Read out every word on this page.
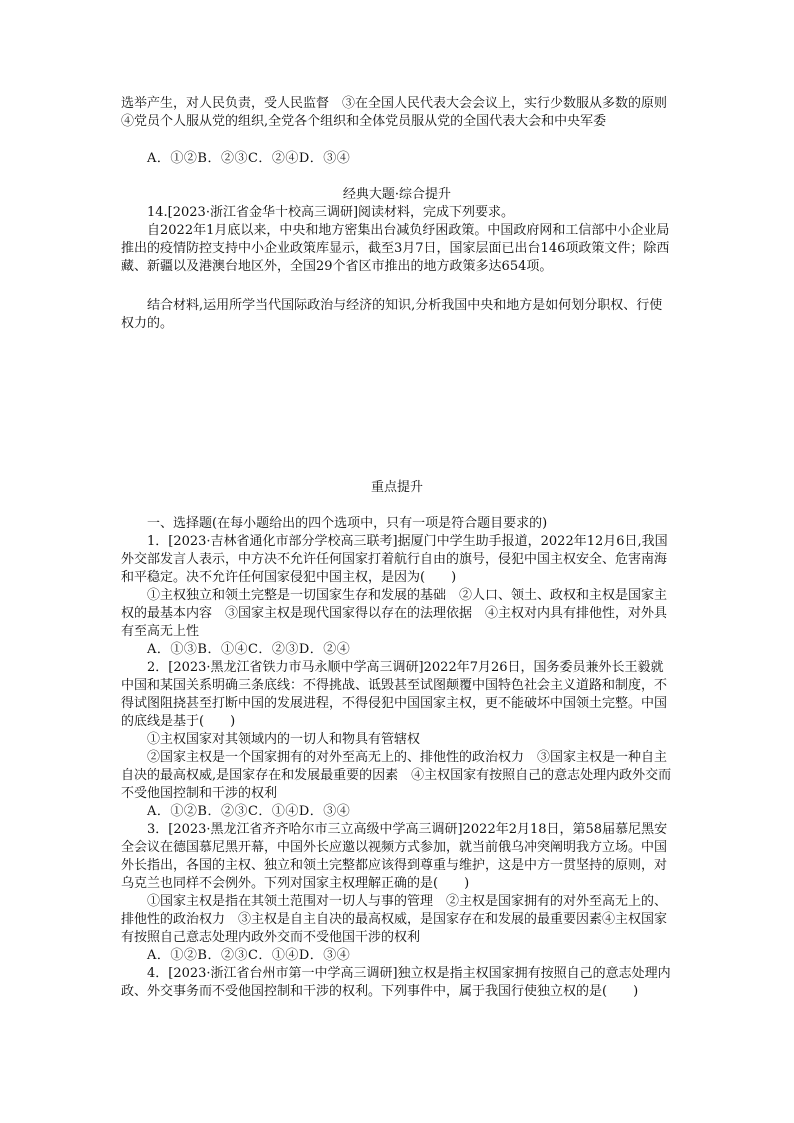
选举产生，对人民负责，受人民监督　③在全国人民代表大会会议上，实行少数服从多数的原则　④党员个人服从党的组织,全党各个组织和全体党员服从党的全国代表大会和中央军委

A．①②B．②③C．②④D．③④

经典大题·综合提升

14.[2023·浙江省金华十校高三调研]阅读材料，完成下列要求。

自2022年1月底以来，中央和地方密集出台减负纾困政策。中国政府网和工信部中小企业局推出的疫情防控支持中小企业政策库显示，截至3月7日，国家层面已出台146项政策文件；除西藏、新疆以及港澳台地区外，全国29个省区市推出的地方政策多达654项。

结合材料,运用所学当代国际政治与经济的知识,分析我国中央和地方是如何划分职权、行使权力的。

重点提升

一、选择题(在每小题给出的四个选项中，只有一项是符合题目要求的)

1．[2023·吉林省通化市部分学校高三联考]据厦门中学生助手报道，2022年12月6日,我国外交部发言人表示，中方决不允许任何国家打着航行自由的旗号，侵犯中国主权安全、危害南海和平稳定。决不允许任何国家侵犯中国主权，是因为(　　)

①主权独立和领土完整是一切国家生存和发展的基础　②人口、领土、政权和主权是国家主权的最基本内容　③国家主权是现代国家得以存在的法理依据　④主权对内具有排他性，对外具有至高无上性

A．①③B．①④C．②③D．②④

2．[2023·黑龙江省铁力市马永顺中学高三调研]2022年7月26日，国务委员兼外长王毅就中国和某国关系明确三条底线：不得挑战、诋毁甚至试图颠覆中国特色社会主义道路和制度，不得试图阻挠甚至打断中国的发展进程，不得侵犯中国国家主权，更不能破坏中国领土完整。中国的底线是基于(　　)

①主权国家对其领域内的一切人和物具有管辖权

②国家主权是一个国家拥有的对外至高无上的、排他性的政治权力　③国家主权是一种自主自决的最高权威,是国家存在和发展最重要的因素　④主权国家有按照自己的意志处理内政外交而不受他国控制和干涉的权利

A．①②B．②③C．①④D．③④

3．[2023·黑龙江省齐齐哈尔市三立高级中学高三调研]2022年2月18日，第58届慕尼黑安全会议在德国慕尼黑开幕，中国外长应邀以视频方式参加，就当前俄乌冲突阐明我方立场。中国外长指出，各国的主权、独立和领土完整都应该得到尊重与维护，这是中方一贯坚持的原则，对乌克兰也同样不会例外。下列对国家主权理解正确的是(　　)

①国家主权是指在其领土范围对一切人与事的管理　②主权是国家拥有的对外至高无上的、排他性的政治权力　③主权是自主自决的最高权威，是国家存在和发展的最重要因素④主权国家有按照自己意志处理内政外交而不受他国干涉的权利

A．①②B．②③C．①④D．③④

4．[2023·浙江省台州市第一中学高三调研]独立权是指主权国家拥有按照自己的意志处理内政、外交事务而不受他国控制和干涉的权利。下列事件中，属于我国行使独立权的是(　　)
